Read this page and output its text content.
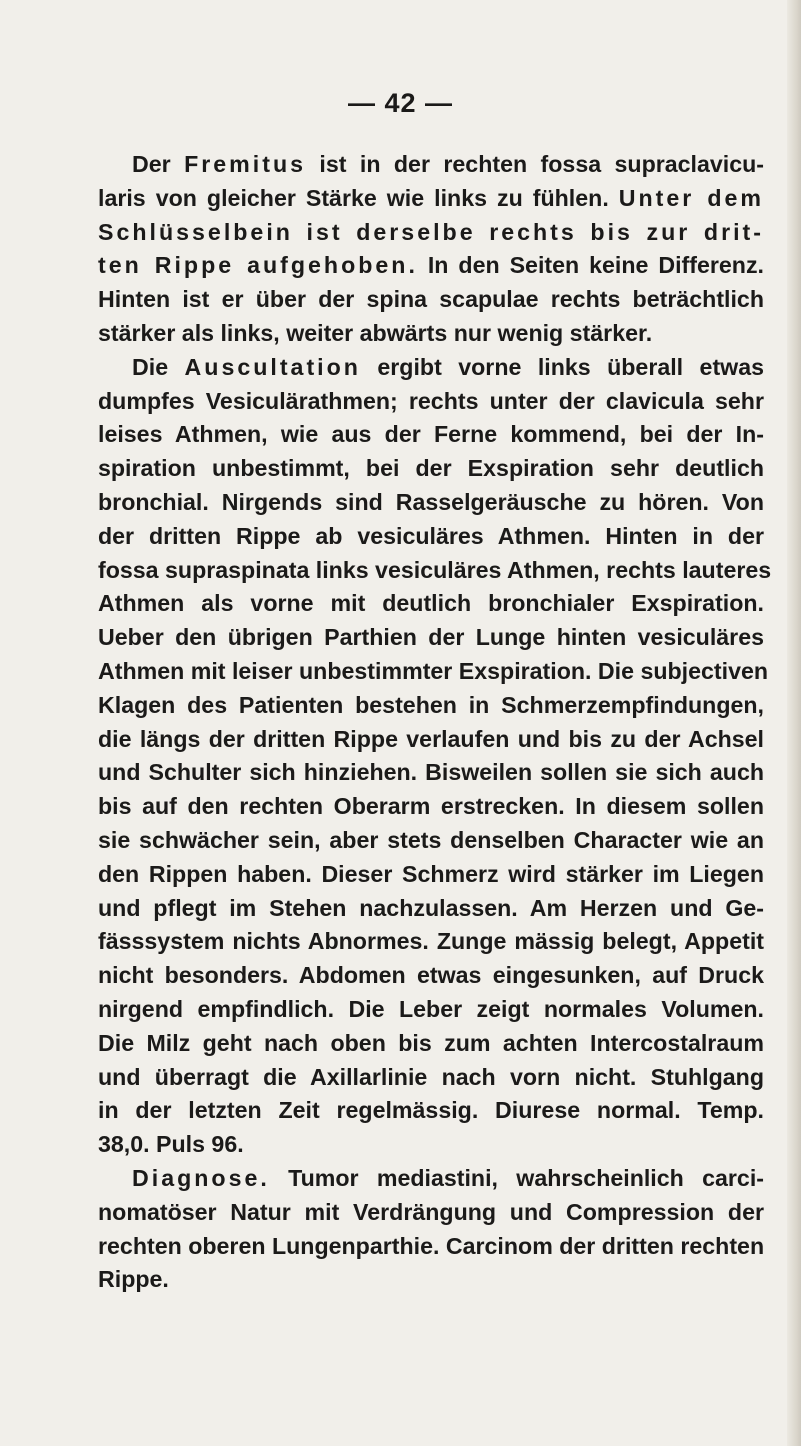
— 42 —
Der Fremitus ist in der rechten fossa supraclavicu-
laris von gleicher Stärke wie links zu fühlen. Unter dem
Schlüsselbein ist derselbe rechts bis zur drit-
ten Rippe aufgehoben. In den Seiten keine Differenz.
Hinten ist er über der spina scapulae rechts beträchtlich
stärker als links, weiter abwärts nur wenig stärker.
Die Auscultation ergibt vorne links überall etwas
dumpfes Vesiculärathmen; rechts unter der clavicula sehr
leises Athmen, wie aus der Ferne kommend, bei der In-
spiration unbestimmt, bei der Exspiration sehr deutlich
bronchial. Nirgends sind Rasselgeräusche zu hören. Von
der dritten Rippe ab vesiculäres Athmen. Hinten in der
fossa supraspinata links vesiculäres Athmen, rechts lauteres
Athmen als vorne mit deutlich bronchialer Exspiration.
Ueber den übrigen Parthien der Lunge hinten vesiculäres
Athmen mit leiser unbestimmter Exspiration. Die subjectiven
Klagen des Patienten bestehen in Schmerzempfindungen,
die längs der dritten Rippe verlaufen und bis zu der Achsel
und Schulter sich hinziehen. Bisweilen sollen sie sich auch
bis auf den rechten Oberarm erstrecken. In diesem sollen
sie schwächer sein, aber stets denselben Character wie an
den Rippen haben. Dieser Schmerz wird stärker im Liegen
und pflegt im Stehen nachzulassen. Am Herzen und Ge-
fässsystem nichts Abnormes. Zunge mässig belegt, Appetit
nicht besonders. Abdomen etwas eingesunken, auf Druck
nirgend empfindlich. Die Leber zeigt normales Volumen.
Die Milz geht nach oben bis zum achten Intercostalraum
und überragt die Axillarlinie nach vorn nicht. Stuhlgang
in der letzten Zeit regelmässig. Diurese normal. Temp.
38,0. Puls 96.
Diagnose. Tumor mediastini, wahrscheinlich carci-
nomatöser Natur mit Verdrängung und Compression der
rechten oberen Lungenparthie. Carcinom der dritten rechten
Rippe.
